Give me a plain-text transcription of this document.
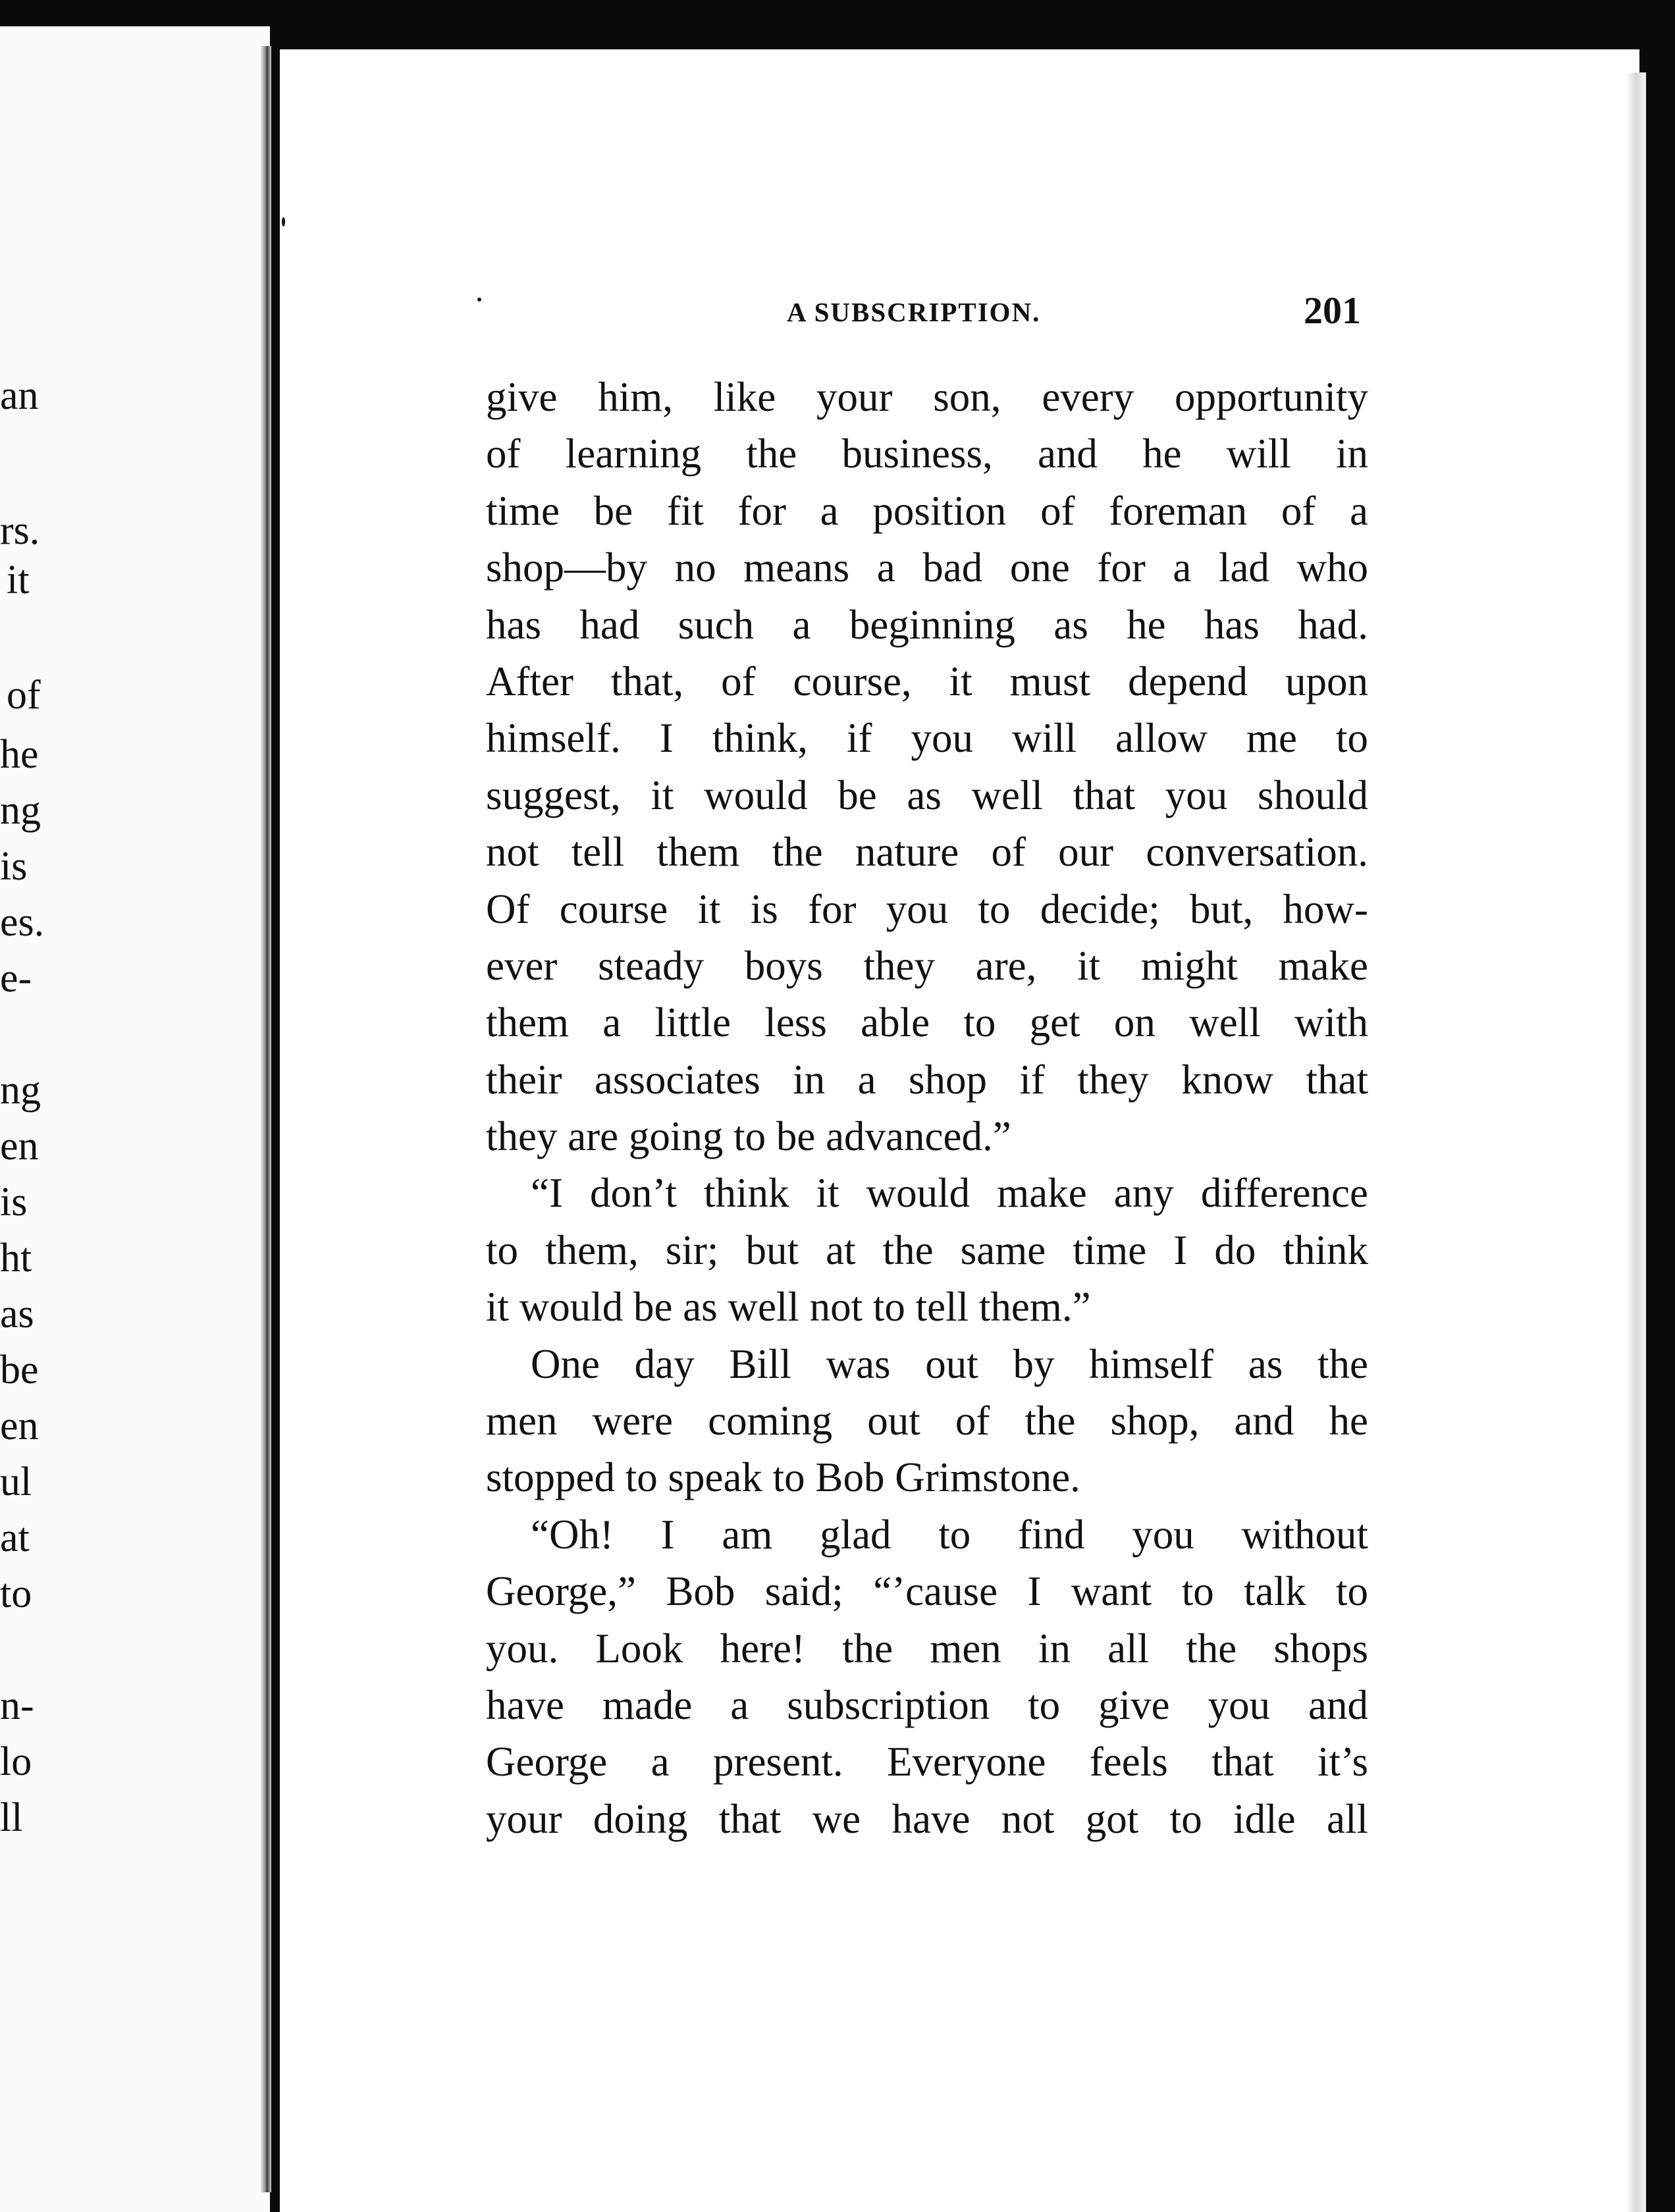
an
rs.
it
of
he
ng
is
es.
e-
ng
en
is
ht
as
be
en
ul
at
to
n-
lo
ll
A SUBSCRIPTION.	201
give him, like your son, every opportunity
of learning the business, and he will in
time be fit for a position of foreman of a
shop—by no means a bad one for a lad who
has had such a beginning as he has had.
After that, of course, it must depend upon
himself. I think, if you will allow me to
suggest, it would be as well that you should
not tell them the nature of our conversation.
Of course it is for you to decide; but, how-
ever steady boys they are, it might make
them a little less able to get on well with
their associates in a shop if they know that
they are going to be advanced.”
“I don’t think it would make any difference
to them, sir; but at the same time I do think
it would be as well not to tell them.”
One day Bill was out by himself as the
men were coming out of the shop, and he
stopped to speak to Bob Grimstone.
“Oh! I am glad to find you without
George,” Bob said; “’cause I want to talk to
you. Look here! the men in all the shops
have made a subscription to give you and
George a present. Everyone feels that it’s
your doing that we have not got to idle all
